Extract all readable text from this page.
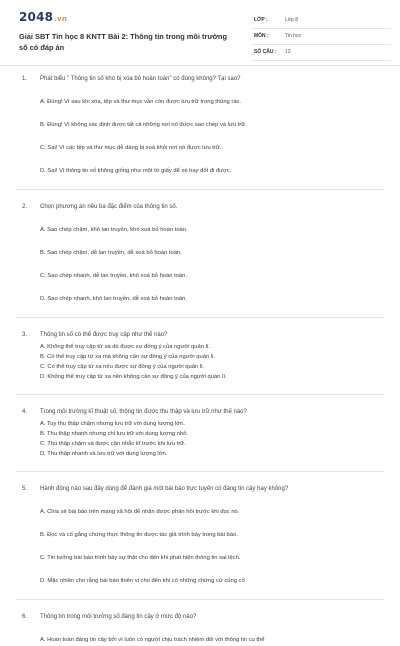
2048.vn
Giải SBT Tin học 8 KNTT Bài 2: Thông tin trong môi trường số có đáp án
LỚP :	Lớp 8
MÔN :	Tin học
SỐ CÂU : 13
1. Phát biểu " Thông tin số khó bị xóa bỏ hoàn toàn" có đúng không? Tại sao?
A. Đúng! Vì sau khi xóa, tệp và thư mục vẫn còn được lưu trữ trong thùng rác.
B. Đúng! Vì không xác định được tất cả những nơi nó được sao chép và lưu trữ.
C. Sai! Vì các tệp và thư mục dễ dàng bị xoá khỏi nơi nó được lưu trữ..
D. Sai! Vì thông tin số không giống như một tờ giấy để xé hay đốt đi được.
2. Chọn phương án nêu ba đặc điểm của thông tin số.
A. Sao chép chậm, khó lan truyền, khó xoá bỏ hoàn toàn.
B. Sao chép chậm, dễ lan truyền, dễ xoá bỏ hoàn toàn.
C. Sao chép nhanh, dễ lan truyền, khó xoá bỏ hoàn toàn.
D. Sao chép nhanh, khó lan truyền, dễ xoá bỏ hoàn toàn.
3. Thông tin số có thể được truy cập như thế nào?
A. Không thể truy cập từ xa dù được sự đồng ý của người quản lí.
B. Có thể truy cập từ xa mà không cần sự đồng ý của người quản lí.
C. Có thể truy cập từ xa nếu được sự đồng ý của người quản lí.
D. Không thể truy cập từ xa nên không cần sự đồng ý của người quản lí.
4. Trong môi trường kĩ thuật số, thông tin được thu thập và lưu trữ như thế nào?
A. Tuy thu thập chậm nhưng lưu trữ với dung lượng lớn.
B. Thu thập nhanh nhưng chỉ lưu trữ với dung lượng nhỏ.
C. Thu thập chậm và được cân nhắc kĩ trước khi lưu trữ.
D. Thu thập nhanh và lưu trữ với dung lượng lớn.
5. Hành động nào sau đây dùng để đánh giá một bài báo trực tuyến có đáng tin cậy hay không?
A. Chia sẻ bài báo trên mạng xã hội để nhận được phản hồi trước khi đọc nó.
B. Đọc và cố gắng chứng thực thông tin được tác giả trình bày trong bài báo.
C. Tin tưởng bài báo trình bày sự thật cho đến khi phát hiện thông tin sai lệch.
D. Mặc nhiên cho rằng bài báo thiên vị cho đến khi có những chứng cứ củng cố
6. Thông tin trong môi trường số đáng tin cậy ở mức độ nào?
A. Hoàn toàn đáng tin cậy bởi vì luôn có người chịu trách nhiệm đối với thông tin cụ thể
